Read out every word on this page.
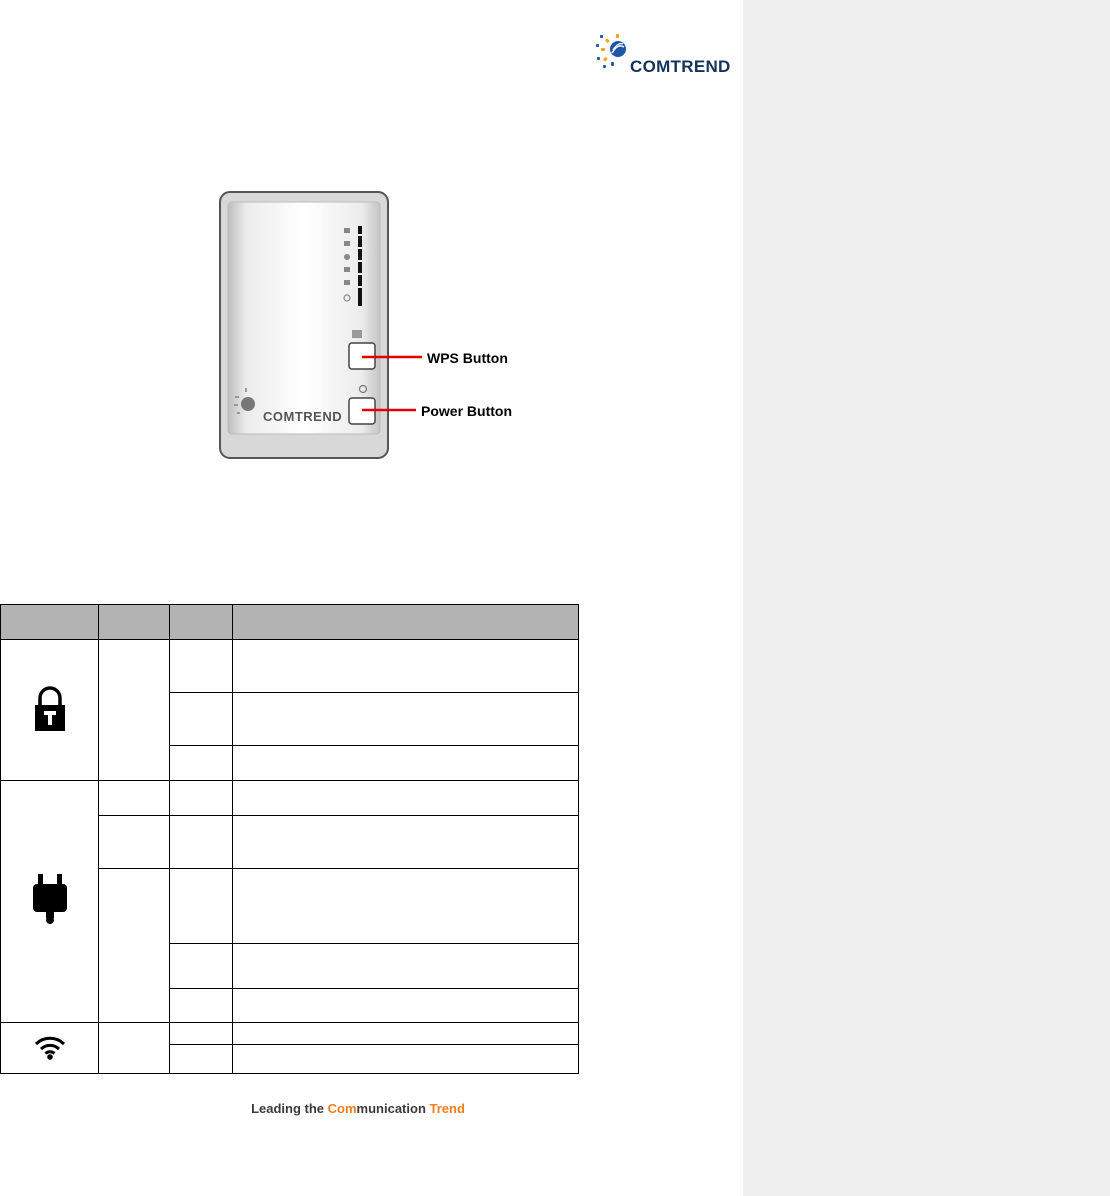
COMTREND
COMTREND
WPS Button
Power Button

Leading the Communication Trend
